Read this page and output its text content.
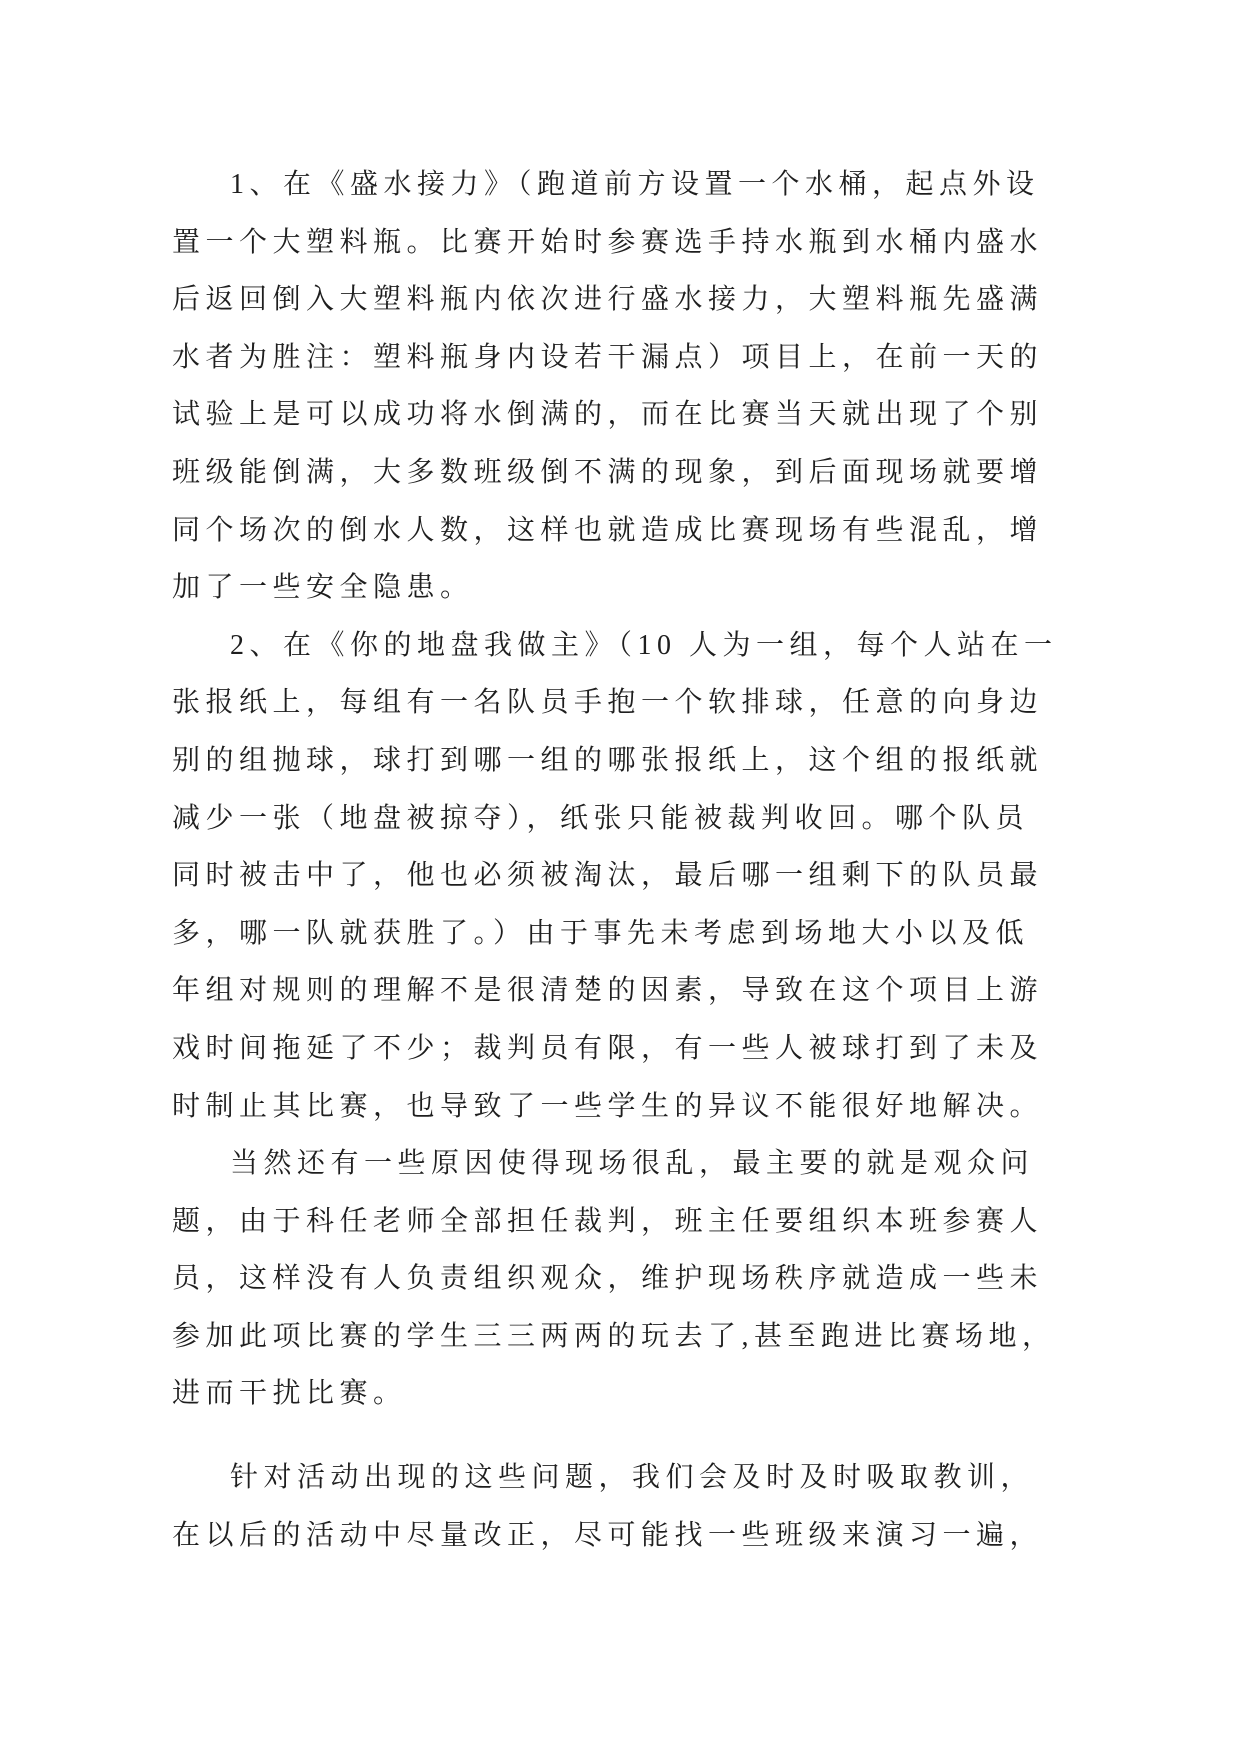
1、在《盛水接力》（跑道前方设置一个水桶，起点外设
置一个大塑料瓶。比赛开始时参赛选手持水瓶到水桶内盛水
后返回倒入大塑料瓶内依次进行盛水接力，大塑料瓶先盛满
水者为胜注：塑料瓶身内设若干漏点）项目上，在前一天的
试验上是可以成功将水倒满的，而在比赛当天就出现了个别
班级能倒满，大多数班级倒不满的现象，到后面现场就要增
同个场次的倒水人数，这样也就造成比赛现场有些混乱，增
加了一些安全隐患。
2、在《你的地盘我做主》（10 人为一组，每个人站在一
张报纸上，每组有一名队员手抱一个软排球，任意的向身边
别的组抛球，球打到哪一组的哪张报纸上，这个组的报纸就
减少一张（地盘被掠夺），纸张只能被裁判收回。哪个队员
同时被击中了，他也必须被淘汰，最后哪一组剩下的队员最
多，哪一队就获胜了。）由于事先未考虑到场地大小以及低
年组对规则的理解不是很清楚的因素，导致在这个项目上游
戏时间拖延了不少；裁判员有限，有一些人被球打到了未及
时制止其比赛，也导致了一些学生的异议不能很好地解决。
当然还有一些原因使得现场很乱，最主要的就是观众问
题，由于科任老师全部担任裁判，班主任要组织本班参赛人
员，这样没有人负责组织观众，维护现场秩序就造成一些未
参加此项比赛的学生三三两两的玩去了,甚至跑进比赛场地，
进而干扰比赛。
针对活动出现的这些问题，我们会及时及时吸取教训，
在以后的活动中尽量改正，尽可能找一些班级来演习一遍，
